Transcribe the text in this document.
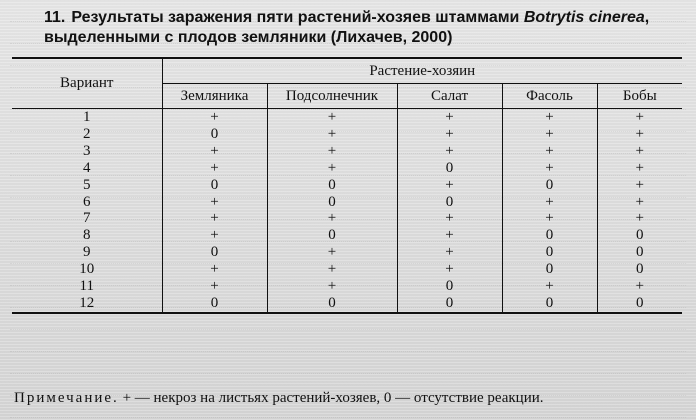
11. Результаты заражения пяти растений-хозяев штаммами Botrytis cinerea,
выделенными с плодов земляники (Лихачев, 2000)
Вариант	Растение-хозяин				
	Земляника	Подсолнечник	Салат	Фасоль	Бобы
1	+	+	+	+	+
2	0	+	+	+	+
3	+	+	+	+	+
4	+	+	0	+	+
5	0	0	+	0	+
6	+	0	0	+	+
7	+	+	+	+	+
8	+	0	+	0	0
9	0	+	+	0	0
10	+	+	+	0	0
11	+	+	0	+	+
12	0	0	0	0	0
Примечание. + — некроз на листьях растений-хозяев, 0 — отсутствие реакции.
